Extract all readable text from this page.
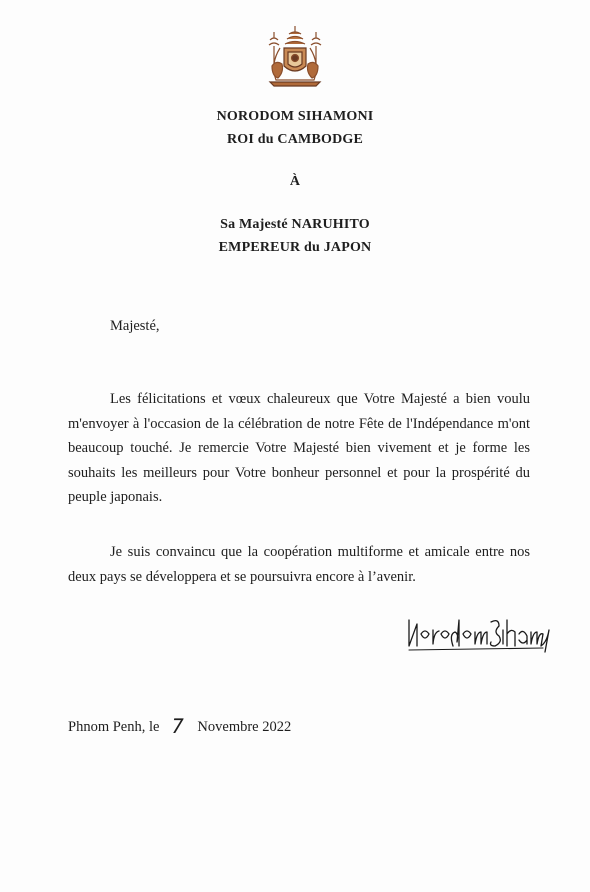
NORODOM SIHAMONI
ROI du CAMBODGE
À
Sa Majesté NARUHITO
EMPEREUR du JAPON
Majesté,
Les félicitations et vœux chaleureux que Votre Majesté a bien voulu m'envoyer à l'occasion de la célébration de notre Fête de l'Indépendance m'ont beaucoup touché. Je remercie Votre Majesté bien vivement et je forme les souhaits les meilleurs pour Votre bonheur personnel et pour la prospérité du peuple japonais.
Je suis convaincu que la coopération multiforme et amicale entre nos deux pays se développera et se poursuivra encore à l’avenir.
Phnom Penh, le 7 Novembre 2022
